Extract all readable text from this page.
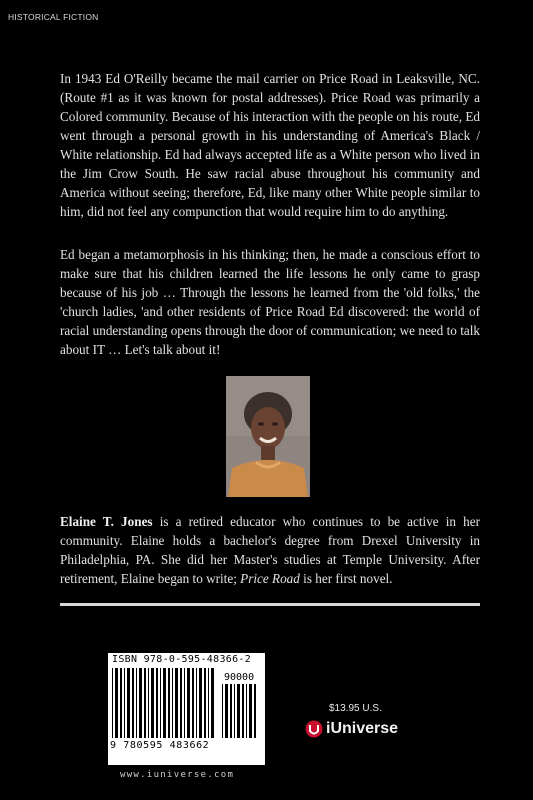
HISTORICAL FICTION

In 1943 Ed O'Reilly became the mail carrier on Price Road in Leaksville, NC. (Route #1 as it was known for postal addresses). Price Road was primarily a Colored community. Because of his interaction with the people on his route, Ed went through a personal growth in his understanding of America's Black / White relationship. Ed had always accepted life as a White person who lived in the Jim Crow South. He saw racial abuse throughout his community and America without seeing; therefore, Ed, like many other White people similar to him, did not feel any compunction that would require him to do anything.

Ed began a metamorphosis in his thinking; then, he made a conscious effort to make sure that his children learned the life lessons he only came to grasp because of his job … Through the lessons he learned from the 'old folks,' the 'church ladies, 'and other residents of Price Road Ed discovered: the world of racial understanding opens through the door of communication; we need to talk about IT … Let's talk about it!

Elaine T. Jones is a retired educator who continues to be active in her community. Elaine holds a bachelor's degree from Drexel University in Philadelphia, PA. She did her Master's studies at Temple University. After retirement, Elaine began to write; Price Road is her first novel.

ISBN 978-0-595-48366-2
90000
9 780595 483662
www.iuniverse.com
$13.95 U.S.
iUniverse
